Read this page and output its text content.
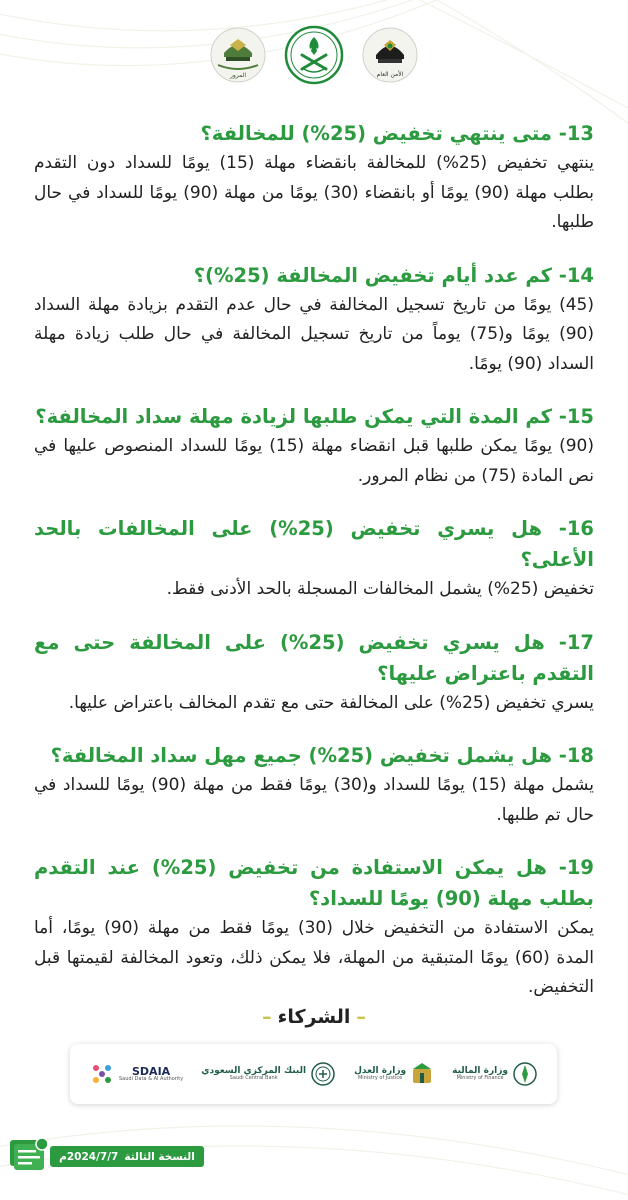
المرور	الأمن العام

13- متى ينتهي تخفيض (25%) للمخالفة؟

ينتهي تخفيض (25%) للمخالفة بانقضاء مهلة (15) يومًا للسداد دون التقدم بطلب مهلة (90) يومًا أو بانقضاء (30) يومًا من مهلة (90) يومًا للسداد في حال طلبها.

14- كم عدد أيام تخفيض المخالفة (25%)؟

(45) يومًا من تاريخ تسجيل المخالفة في حال عدم التقدم بزيادة مهلة السداد (90) يومًا و(75) يوماً من تاريخ تسجيل المخالفة في حال طلب زيادة مهلة السداد (90) يومًا.

15- كم المدة التي يمكن طلبها لزيادة مهلة سداد المخالفة؟

(90) يومًا يمكن طلبها قبل انقضاء مهلة (15) يومًا للسداد المنصوص عليها في نص المادة (75) من نظام المرور.

16- هل يسري تخفيض (25%) على المخالفات بالحد الأعلى؟

تخفيض (25%) يشمل المخالفات المسجلة بالحد الأدنى فقط.

17- هل يسري تخفيض (25%) على المخالفة حتى مع التقدم باعتراض عليها؟

يسري تخفيض (25%) على المخالفة حتى مع تقدم المخالف باعتراض عليها.

18- هل يشمل تخفيض (25%) جميع مهل سداد المخالفة؟

يشمل مهلة (15) يومًا للسداد و(30) يومًا فقط من مهلة (90) يومًا للسداد في حال تم طلبها.

19- هل يمكن الاستفادة من تخفيض (25%) عند التقدم بطلب مهلة (90) يومًا للسداد؟

يمكن الاستفادة من التخفيض خلال (30) يومًا فقط من مهلة (90) يومًا، أما المدة (60) يومًا المتبقية من المهلة، فلا يمكن ذلك، وتعود المخالفة لقيمتها قبل التخفيض.

–الشركاء–
وزارة المالية
Ministry of Finance
وزارة العدل
Ministry of Justice
البنك المركزي السعودي
Saudi Central Bank
SDAIA
Saudi Data & AI Authority
النسخة الثالثة
2024/7/7م
